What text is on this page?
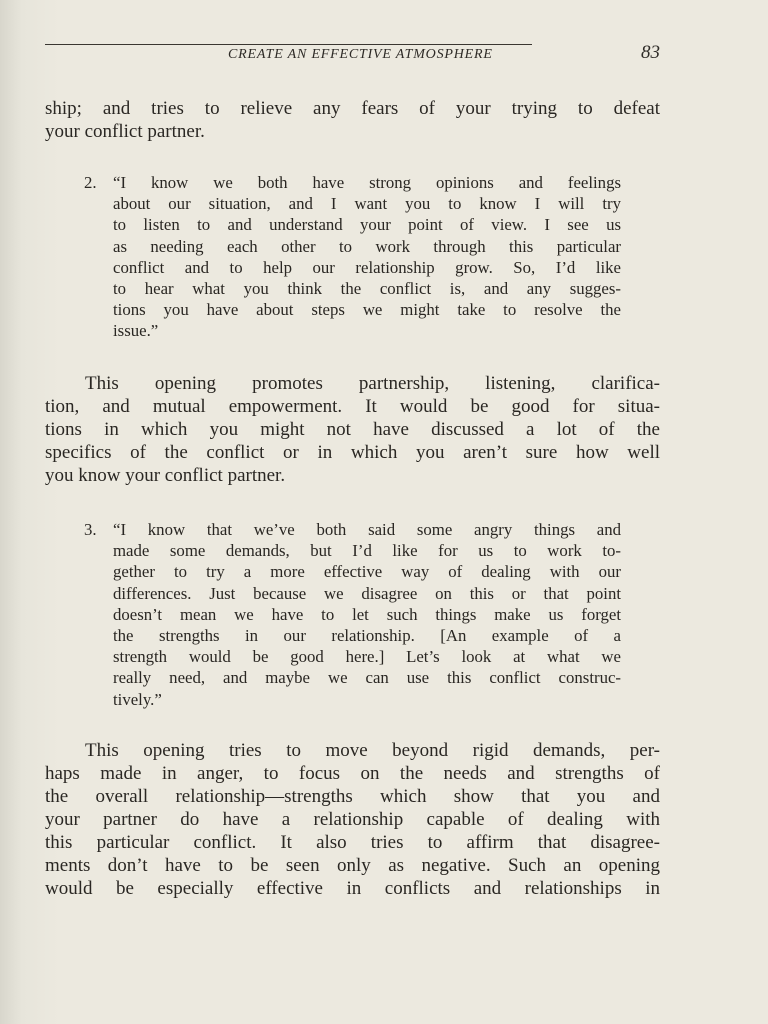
CREATE AN EFFECTIVE ATMOSPHERE	83
ship; and tries to relieve any fears of your trying to defeat
your conflict partner.
2. “I know we both have strong opinions and feelings
about our situation, and I want you to know I will try
to listen to and understand your point of view. I see us
as needing each other to work through this particular
conflict and to help our relationship grow. So, I’d like
to hear what you think the conflict is, and any sugges-
tions you have about steps we might take to resolve the
issue.”
This opening promotes partnership, listening, clarifica-
tion, and mutual empowerment. It would be good for situa-
tions in which you might not have discussed a lot of the
specifics of the conflict or in which you aren’t sure how well
you know your conflict partner.
3. “I know that we’ve both said some angry things and
made some demands, but I’d like for us to work to-
gether to try a more effective way of dealing with our
differences. Just because we disagree on this or that point
doesn’t mean we have to let such things make us forget
the strengths in our relationship. [An example of a
strength would be good here.] Let’s look at what we
really need, and maybe we can use this conflict construc-
tively.”
This opening tries to move beyond rigid demands, per-
haps made in anger, to focus on the needs and strengths of
the overall relationship—strengths which show that you and
your partner do have a relationship capable of dealing with
this particular conflict. It also tries to affirm that disagree-
ments don’t have to be seen only as negative. Such an opening
would be especially effective in conflicts and relationships in
